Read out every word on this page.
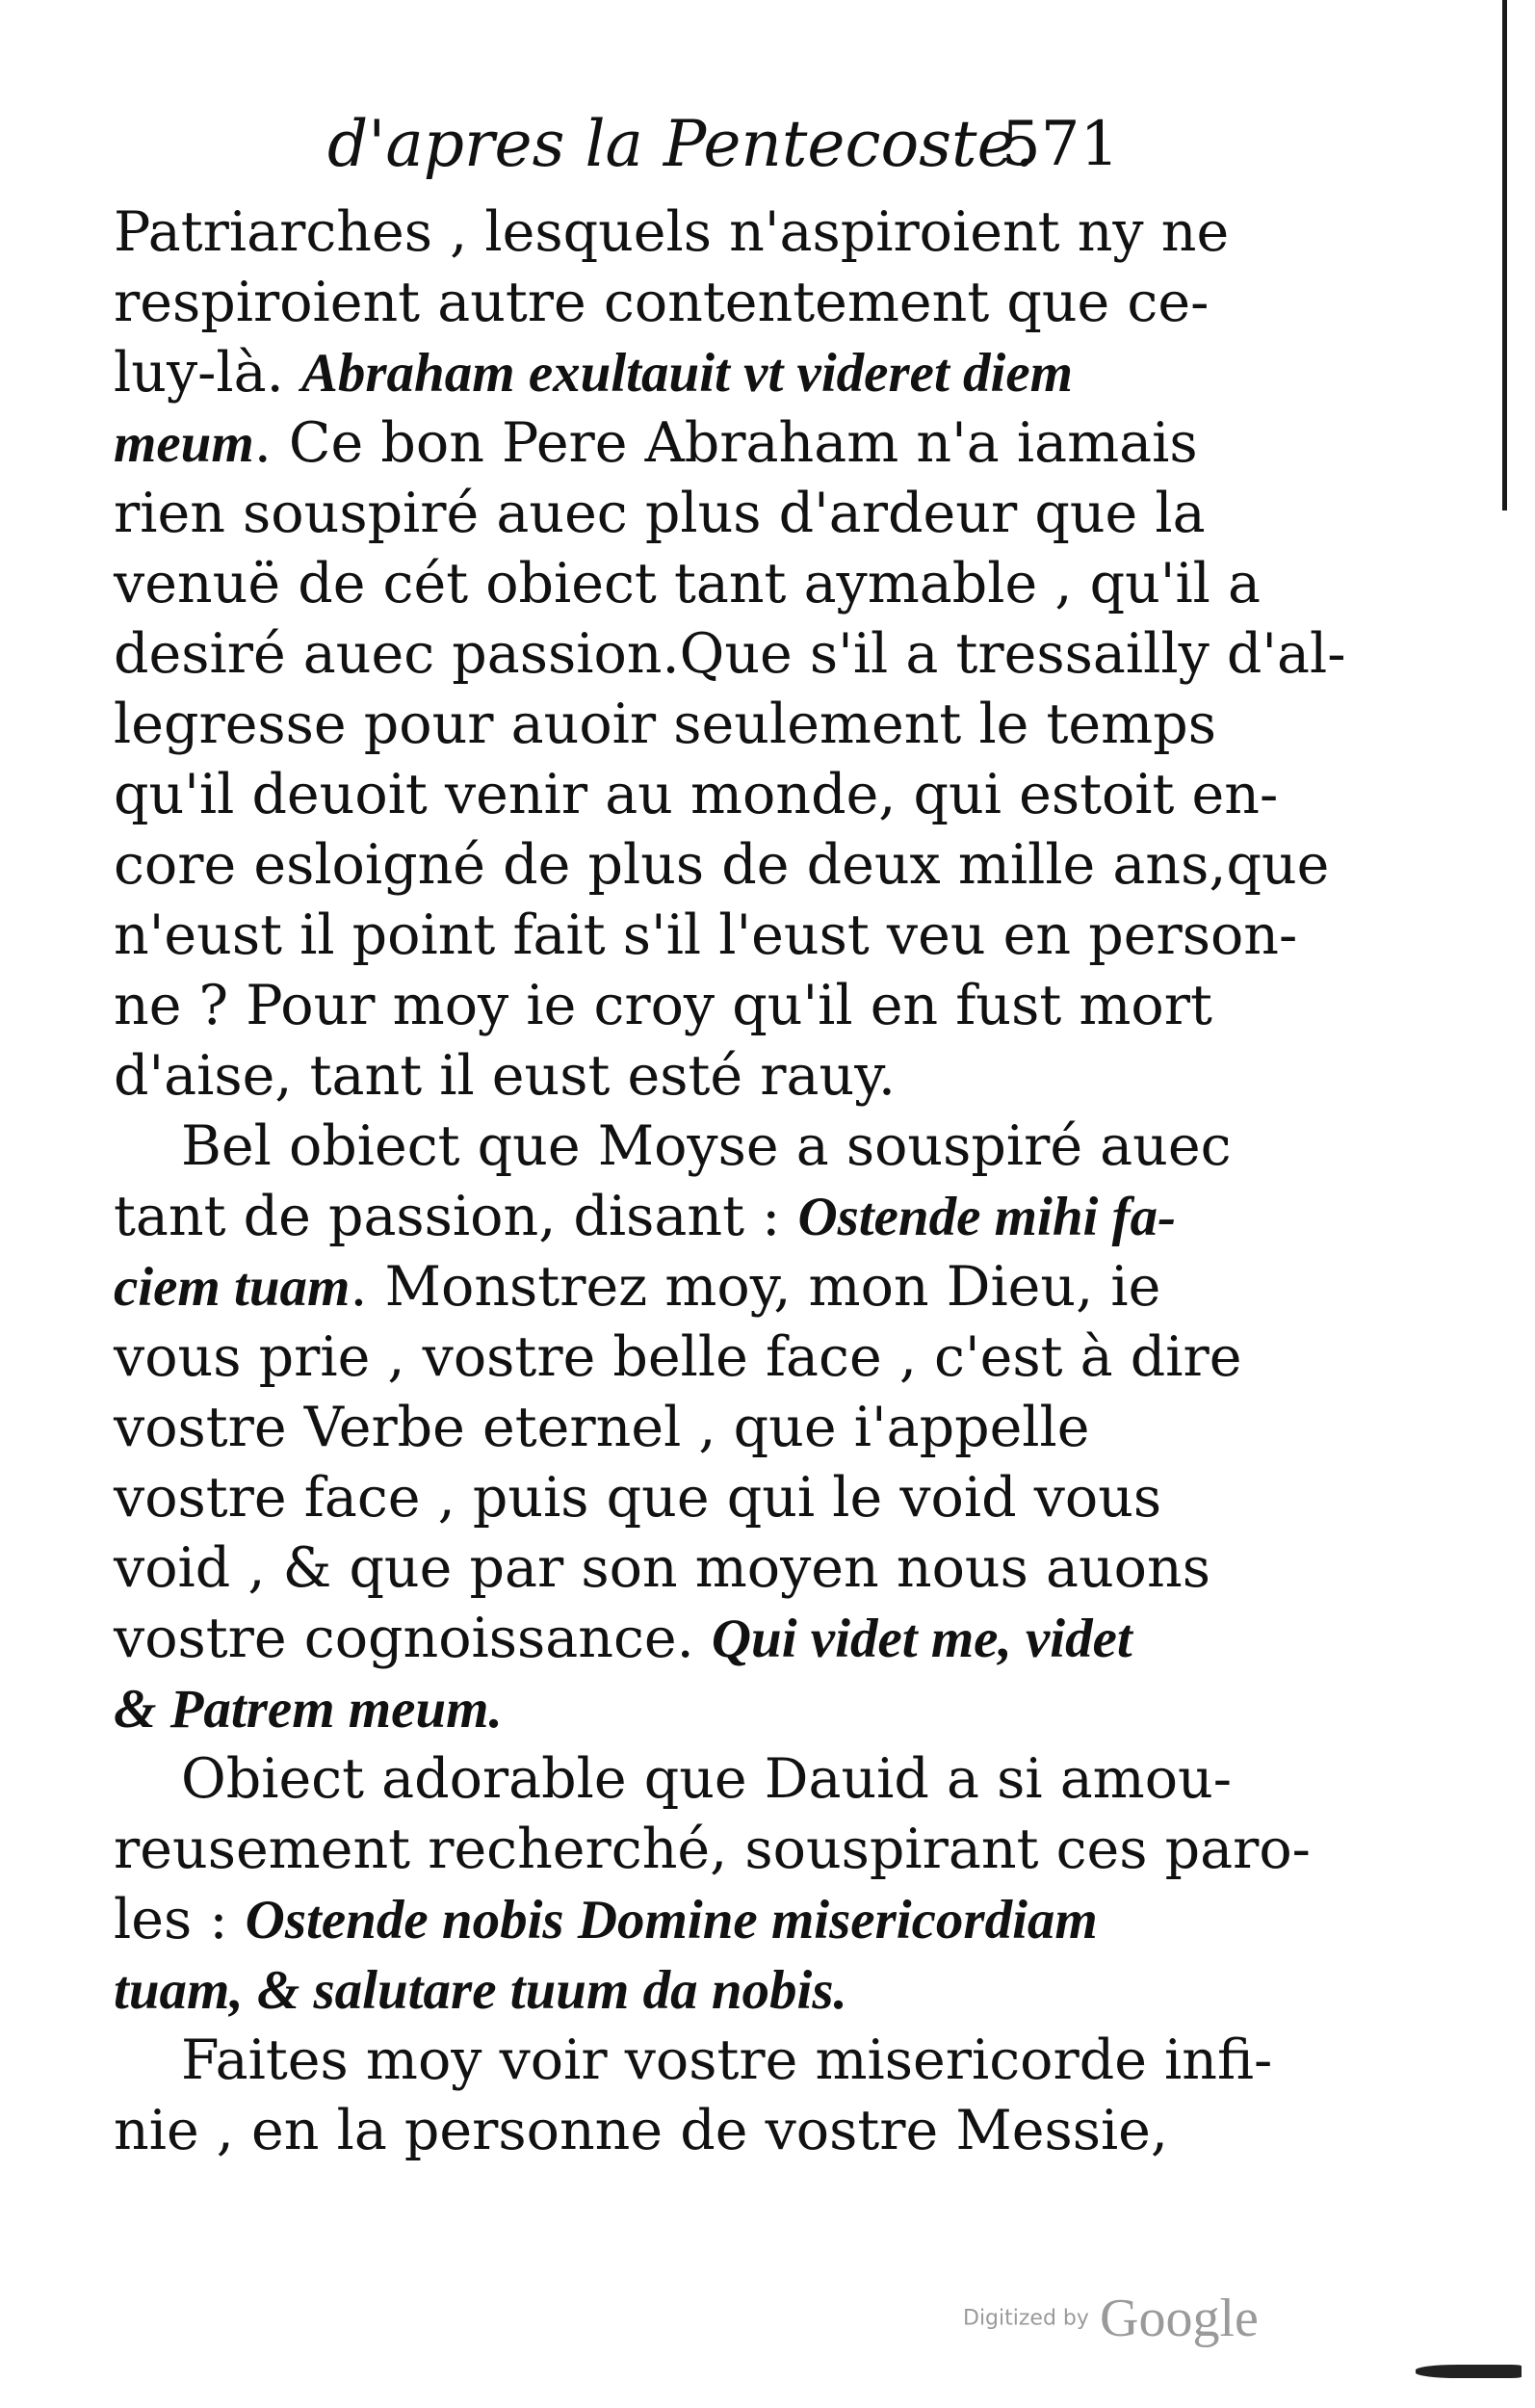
d'apres la Pentecoste.
571
Patriarches , lesquels n'aspiroient ny ne
respiroient autre contentement que ce-
luy-là. Abraham exultauit vt videret diem
meum. Ce bon Pere Abraham n'a iamais
rien souspiré auec plus d'ardeur que la
venuë de cét obiect tant aymable , qu'il a
desiré auec passion.Que s'il a tressailly d'al-
legresse pour auoir seulement le temps
qu'il deuoit venir au monde, qui estoit en-
core esloigné de plus de deux mille ans,que
n'eust il point fait s'il l'eust veu en person-
ne ? Pour moy ie croy qu'il en fust mort
d'aise, tant il eust esté rauy.
Bel obiect que Moyse a souspiré auec
tant de passion, disant : Ostende mihi fa-
ciem tuam. Monstrez moy, mon Dieu, ie
vous prie , vostre belle face , c'est à dire
vostre Verbe eternel , que i'appelle
vostre face , puis que qui le void vous
void , & que par son moyen nous auons
vostre cognoissance. Qui videt me, videt
& Patrem meum.
Obiect adorable que Dauid a si amou-
reusement recherché, souspirant ces paro-
les : Ostende nobis Domine misericordiam
tuam, & salutare tuum da nobis.
Faites moy voir vostre misericorde infi-
nie , en la personne de vostre Messie,
Digitized by Google
